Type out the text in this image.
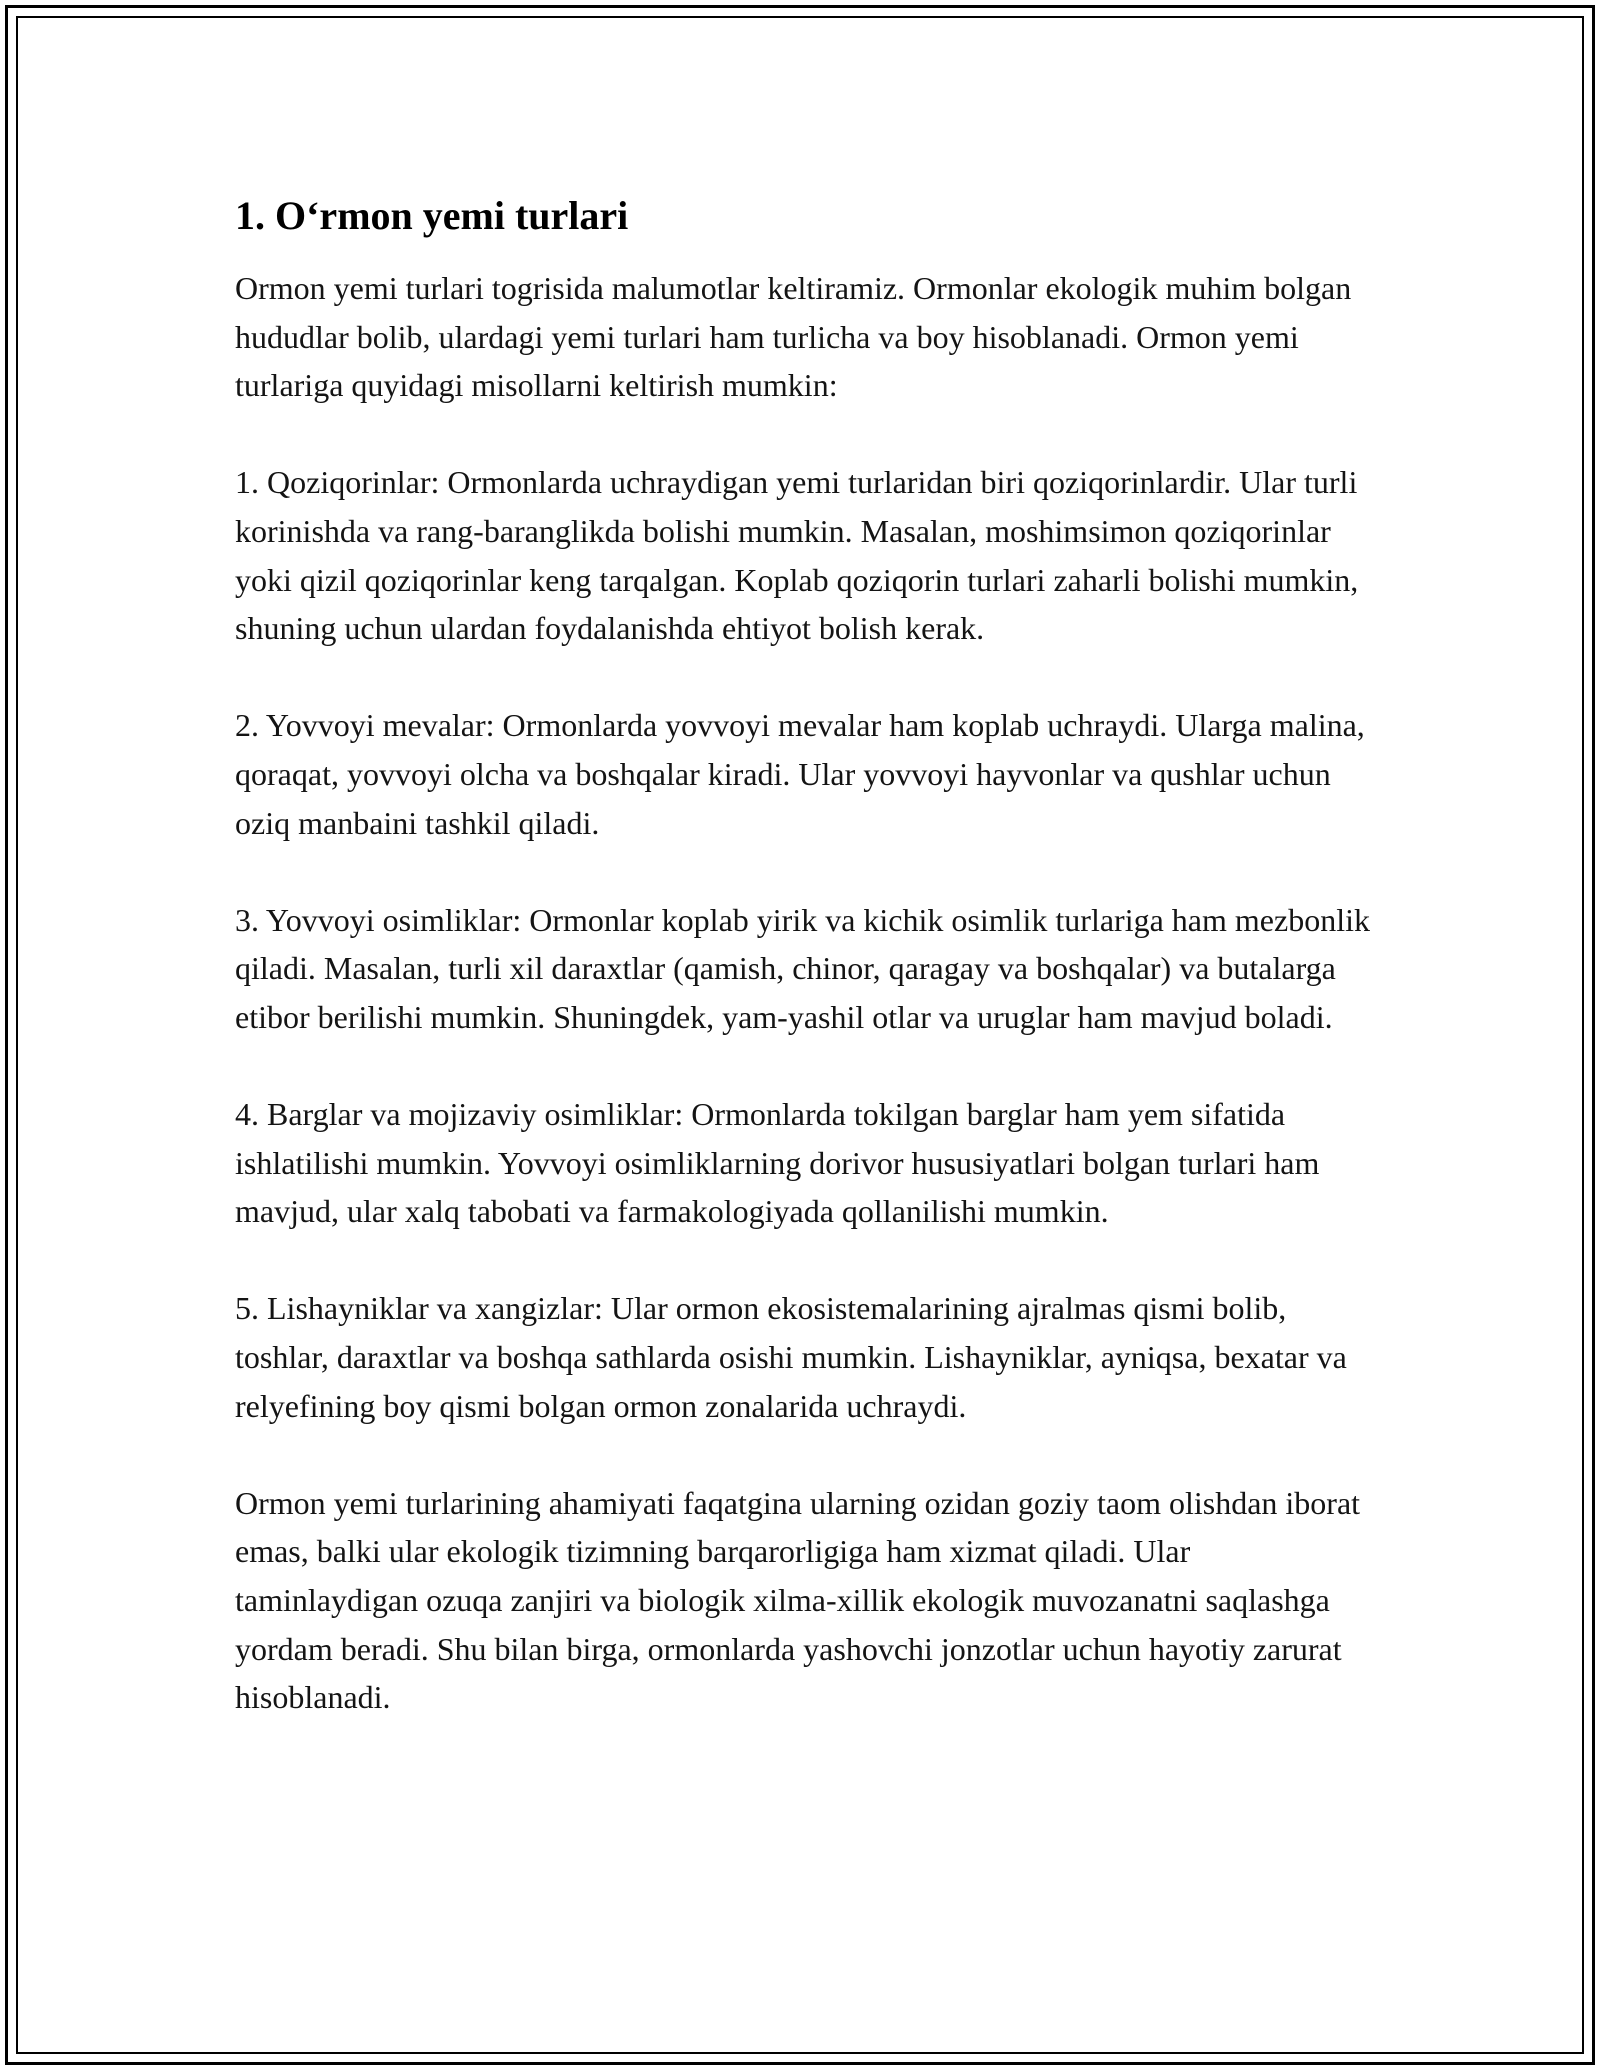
1. O‘rmon yemi turlari

Ormon yemi turlari togrisida malumotlar keltiramiz. Ormonlar ekologik muhim bolgan hududlar bolib, ulardagi yemi turlari ham turlicha va boy hisoblanadi. Ormon yemi turlariga quyidagi misollarni keltirish mumkin:

1. Qoziqorinlar: Ormonlarda uchraydigan yemi turlaridan biri qoziqorinlardir. Ular turli korinishda va rang-baranglikda bolishi mumkin. Masalan, moshimsimon qoziqorinlar yoki qizil qoziqorinlar keng tarqalgan. Koplab qoziqorin turlari zaharli bolishi mumkin, shuning uchun ulardan foydalanishda ehtiyot bolish kerak.

2. Yovvoyi mevalar: Ormonlarda yovvoyi mevalar ham koplab uchraydi. Ularga malina, qoraqat, yovvoyi olcha va boshqalar kiradi. Ular yovvoyi hayvonlar va qushlar uchun oziq manbaini tashkil qiladi.

3. Yovvoyi osimliklar: Ormonlar koplab yirik va kichik osimlik turlariga ham mezbonlik qiladi. Masalan, turli xil daraxtlar (qamish, chinor, qaragay va boshqalar) va butalarga etibor berilishi mumkin. Shuningdek, yam-yashil otlar va uruglar ham mavjud boladi.

4. Barglar va mojizaviy osimliklar: Ormonlarda tokilgan barglar ham yem sifatida ishlatilishi mumkin. Yovvoyi osimliklarning dorivor hususiyatlari bolgan turlari ham mavjud, ular xalq tabobati va farmakologiyada qollanilishi mumkin.

5. Lishayniklar va xangizlar: Ular ormon ekosistemalarining ajralmas qismi bolib, toshlar, daraxtlar va boshqa sathlarda osishi mumkin. Lishayniklar, ayniqsa, bexatar va relyefining boy qismi bolgan ormon zonalarida uchraydi.

Ormon yemi turlarining ahamiyati faqatgina ularning ozidan goziy taom olishdan iborat emas, balki ular ekologik tizimning barqarorligiga ham xizmat qiladi. Ular taminlaydigan ozuqa zanjiri va biologik xilma-xillik ekologik muvozanatni saqlashga yordam beradi. Shu bilan birga, ormonlarda yashovchi jonzotlar uchun hayotiy zarurat hisoblanadi.
